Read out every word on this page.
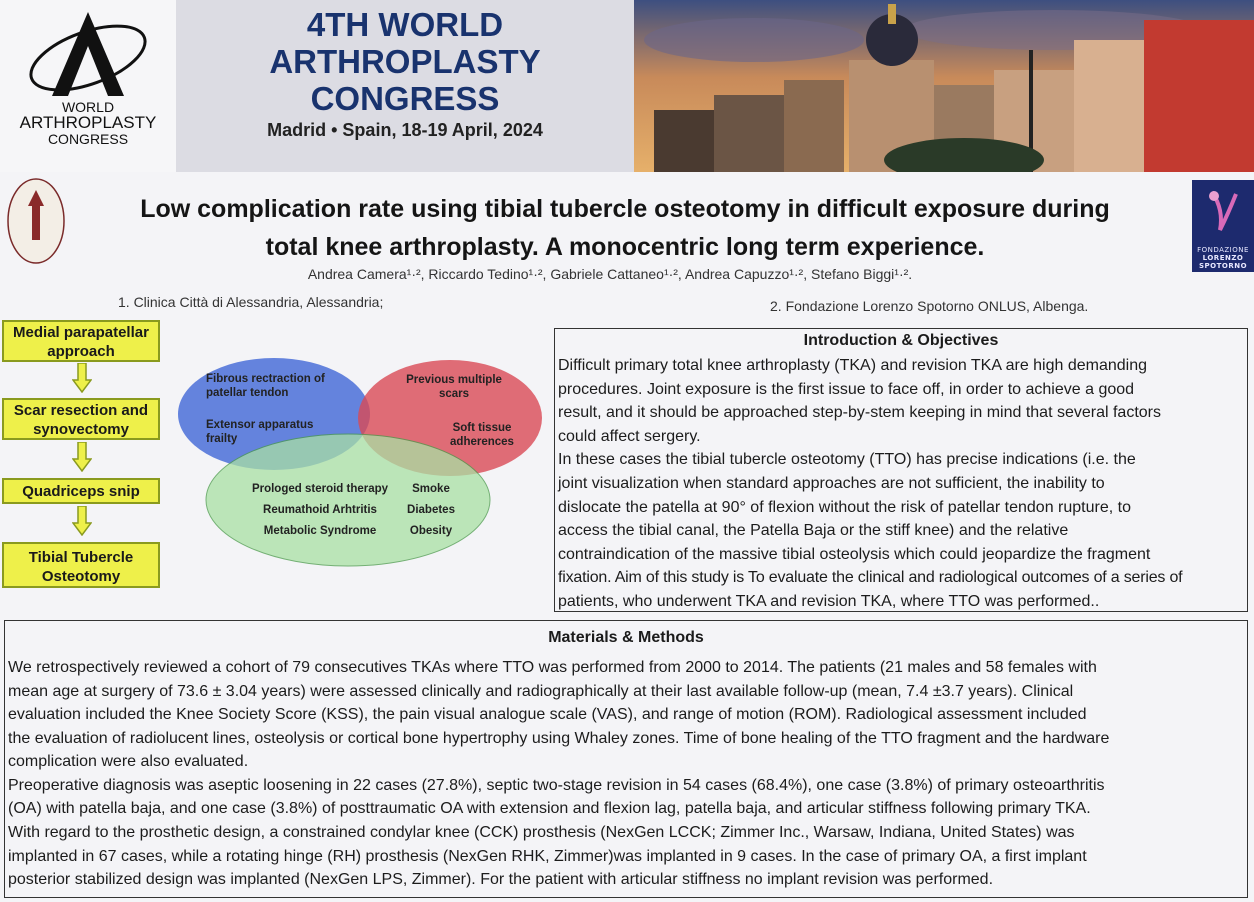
WORLD
ARTHROPLASTY
CONGRESS
4TH WORLD
ARTHROPLASTY
CONGRESS
Madrid • Spain, 18-19 April, 2024
FONDAZIONE
LORENZO
SPOTORNO
Low complication rate using tibial tubercle osteotomy in difficult exposure during
total knee arthroplasty. A monocentric long term experience.
Andrea Camera¹·², Riccardo Tedino¹·², Gabriele Cattaneo¹·², Andrea Capuzzo¹·², Stefano Biggi¹·².
1. Clinica Città di Alessandria, Alessandria;	2. Fondazione Lorenzo Spotorno ONLUS, Albenga.
Medial parapatellar approach
Scar resection and synovectomy
Quadriceps snip
Tibial Tubercle Osteotomy
Fibrous rectraction of patellar tendon
Extensor apparatus frailty
Previous multiple scars
Soft tissue adherences
Prologed steroid therapy
Reumathoid Arhtritis
Metabolic Syndrome
Smoke
Diabetes
Obesity
Introduction & Objectives
Difficult primary total knee arthroplasty (TKA) and revision TKA are high demanding
procedures. Joint exposure is the first issue to face off, in order to achieve a good
result, and it should be approached step-by-stem keeping in mind that several factors
could affect sergery.
In these cases the tibial tubercle osteotomy (TTO) has precise indications (i.e. the
joint visualization when standard approaches are not sufficient, the inability to
dislocate the patella at 90° of flexion without the risk of patellar tendon rupture, to
access the tibial canal, the Patella Baja or the stiff knee) and the relative
contraindication of the massive tibial osteolysis which could jeopardize the fragment
fixation. Aim of this study is To evaluate the clinical and radiological outcomes of a series of
patients, who underwent TKA and revision TKA, where TTO was performed..
Materials & Methods
We retrospectively reviewed a cohort of 79 consecutives TKAs where TTO was performed from 2000 to 2014. The patients (21 males and 58 females with
mean age at surgery of 73.6 ± 3.04 years) were assessed clinically and radiographically at their last available follow-up (mean, 7.4 ±3.7 years). Clinical
evaluation included the Knee Society Score (KSS), the pain visual analogue scale (VAS), and range of motion (ROM). Radiological assessment included
the evaluation of radiolucent lines, osteolysis or cortical bone hypertrophy using Whaley zones. Time of bone healing of the TTO fragment and the hardware
complication were also evaluated.
Preoperative diagnosis was aseptic loosening in 22 cases (27.8%), septic two-stage revision in 54 cases (68.4%), one case (3.8%) of primary osteoarthritis
(OA) with patella baja, and one case (3.8%) of posttraumatic OA with extension and flexion lag, patella baja, and articular stiffness following primary TKA.
With regard to the prosthetic design, a constrained condylar knee (CCK) prosthesis (NexGen LCCK; Zimmer Inc., Warsaw, Indiana, United States) was
implanted in 67 cases, while a rotating hinge (RH) prosthesis (NexGen RHK, Zimmer)was implanted in 9 cases. In the case of primary OA, a first implant
posterior stabilized design was implanted (NexGen LPS, Zimmer). For the patient with articular stiffness no implant revision was performed.
